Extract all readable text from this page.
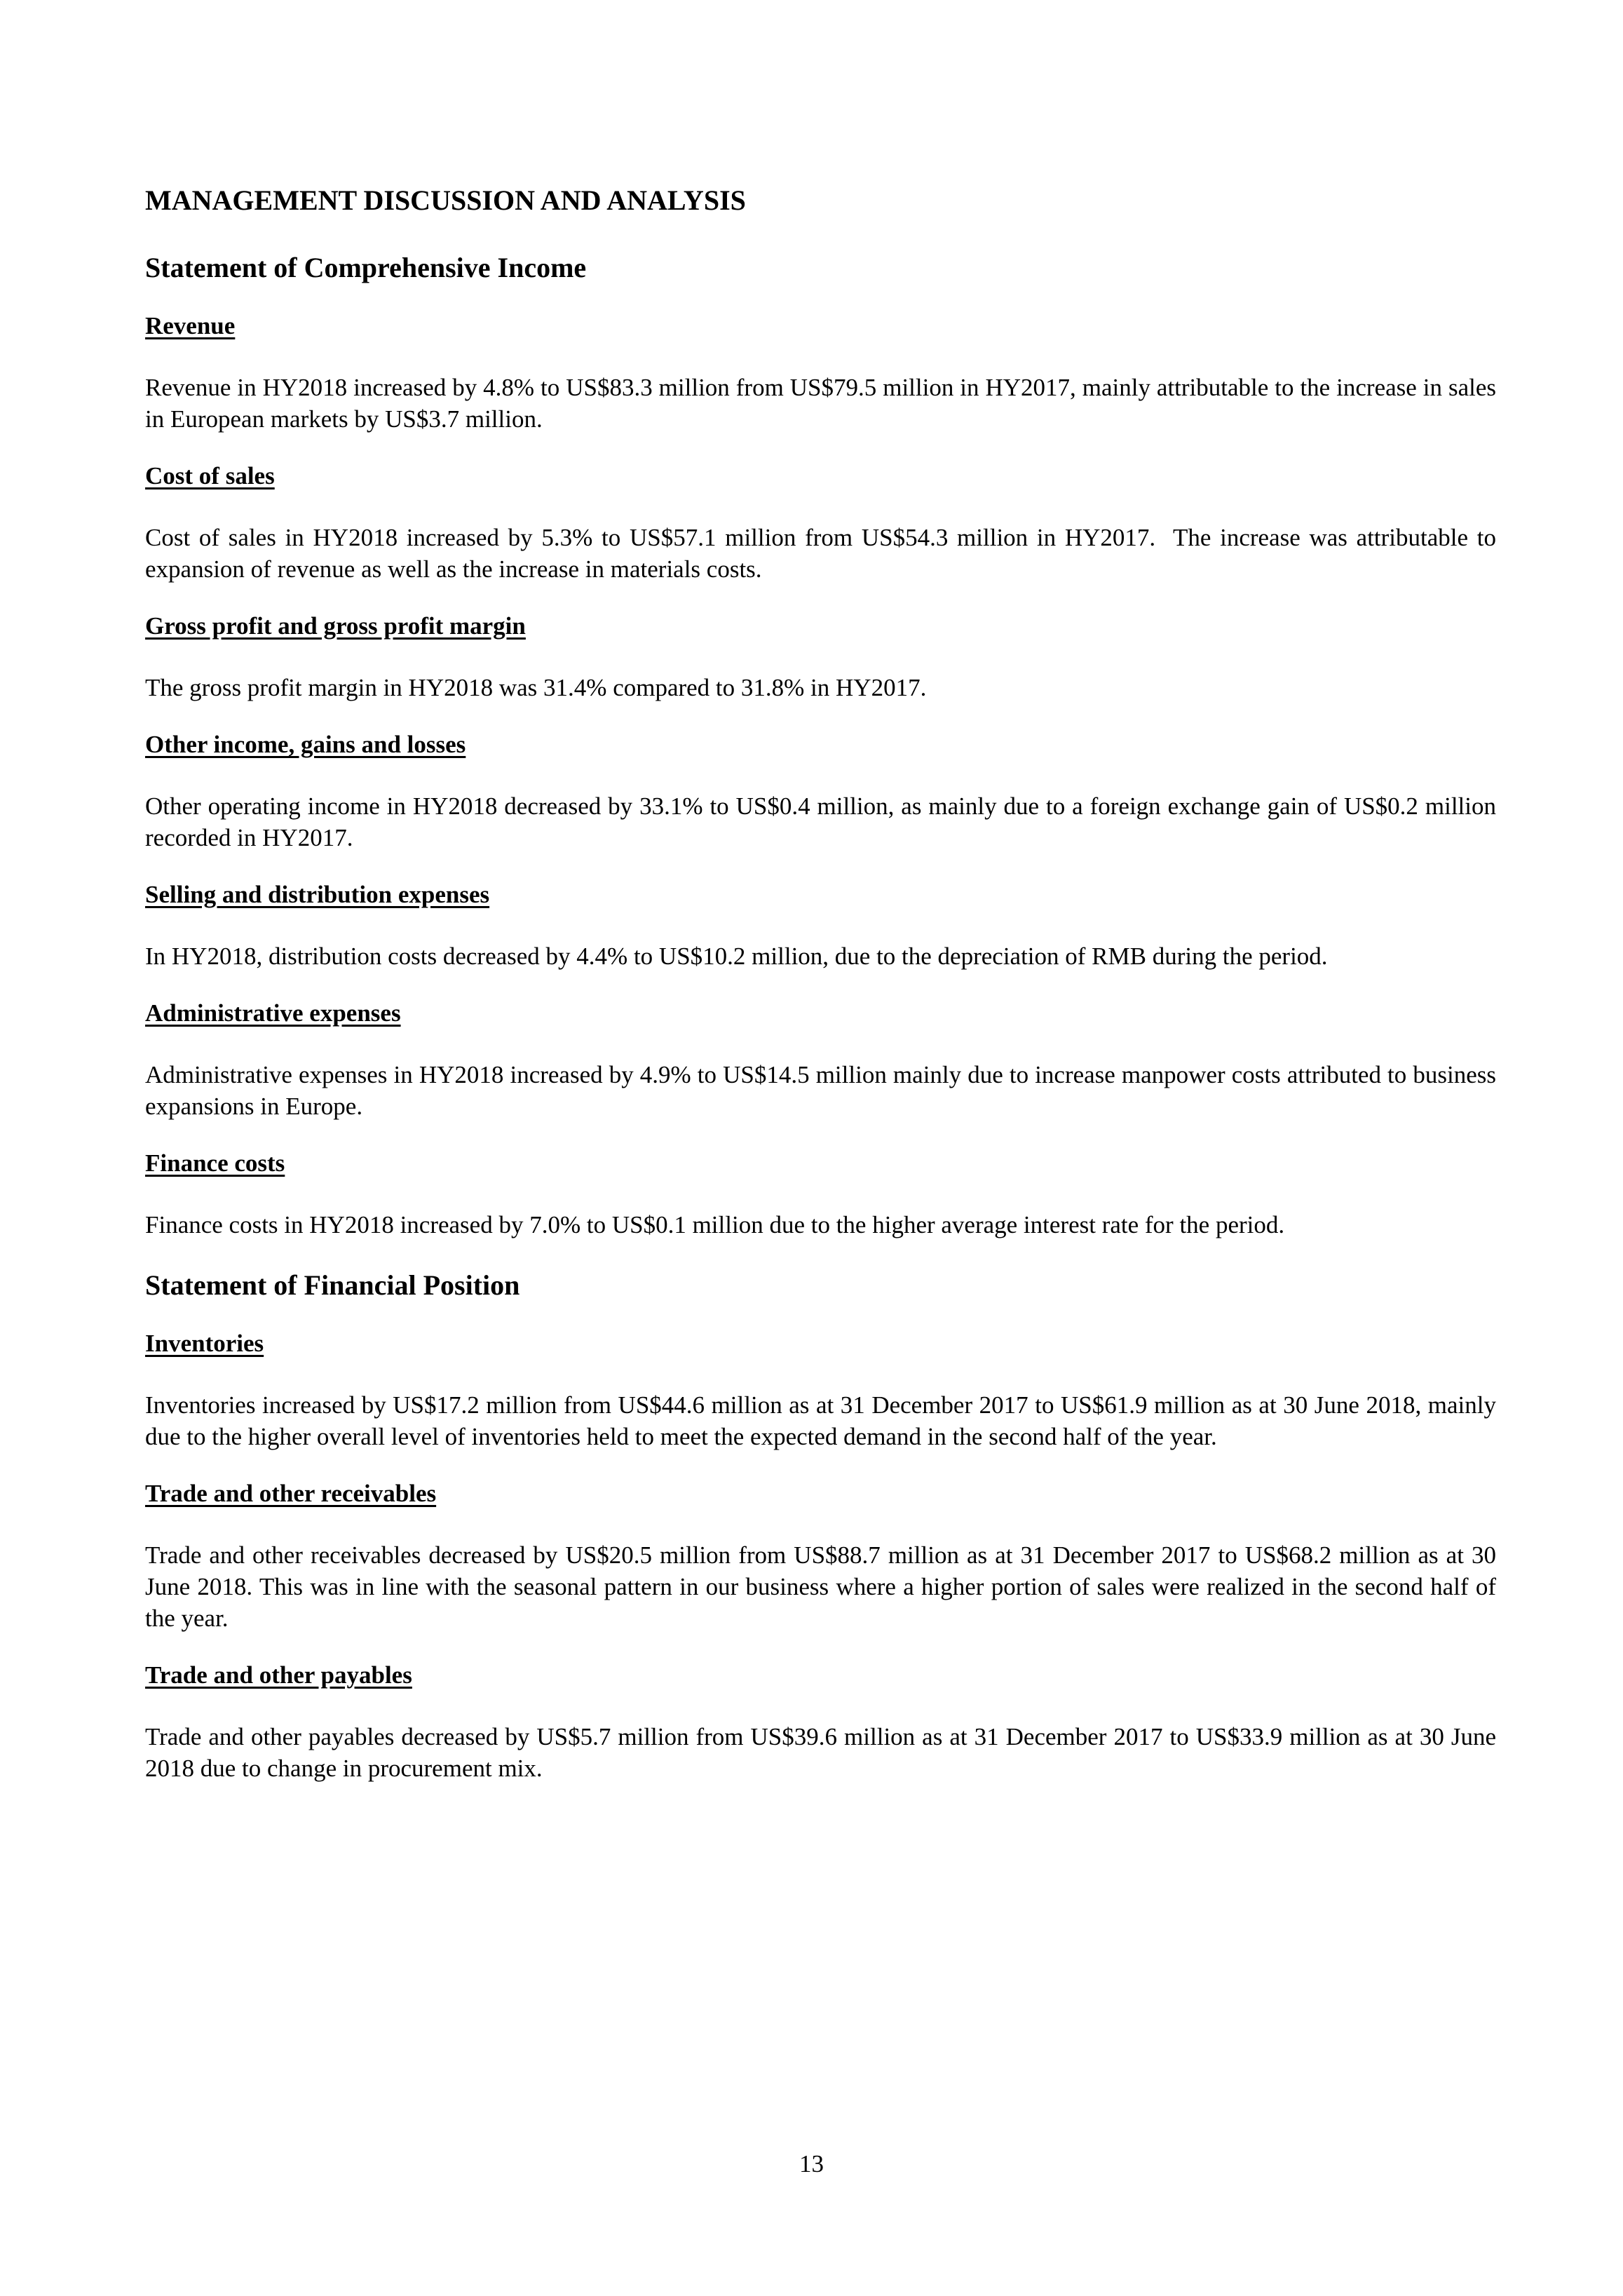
MANAGEMENT DISCUSSION AND ANALYSIS
Statement of Comprehensive Income
Revenue

Revenue in HY2018 increased by 4.8% to US$83.3 million from US$79.5 million in HY2017, mainly attributable to the increase in sales in European markets by US$3.7 million.

Cost of sales

Cost of sales in HY2018 increased by 5.3% to US$57.1 million from US$54.3 million in HY2017.  The increase was attributable to expansion of revenue as well as the increase in materials costs.

Gross profit and gross profit margin

The gross profit margin in HY2018 was 31.4% compared to 31.8% in HY2017.

Other income, gains and losses

Other operating income in HY2018 decreased by 33.1% to US$0.4 million, as mainly due to a foreign exchange gain of US$0.2 million recorded in HY2017.

Selling and distribution expenses

In HY2018, distribution costs decreased by 4.4% to US$10.2 million, due to the depreciation of RMB during the period.

Administrative expenses

Administrative expenses in HY2018 increased by 4.9% to US$14.5 million mainly due to increase manpower costs attributed to business expansions in Europe.

Finance costs

Finance costs in HY2018 increased by 7.0% to US$0.1 million due to the higher average interest rate for the period.

Statement of Financial Position
Inventories

Inventories increased by US$17.2 million from US$44.6 million as at 31 December 2017 to US$61.9 million as at 30 June 2018, mainly due to the higher overall level of inventories held to meet the expected demand in the second half of the year.

Trade and other receivables

Trade and other receivables decreased by US$20.5 million from US$88.7 million as at 31 December 2017 to US$68.2 million as at 30 June 2018. This was in line with the seasonal pattern in our business where a higher portion of sales were realized in the second half of the year.

Trade and other payables

Trade and other payables decreased by US$5.7 million from US$39.6 million as at 31 December 2017 to US$33.9 million as at 30 June 2018 due to change in procurement mix.

13
